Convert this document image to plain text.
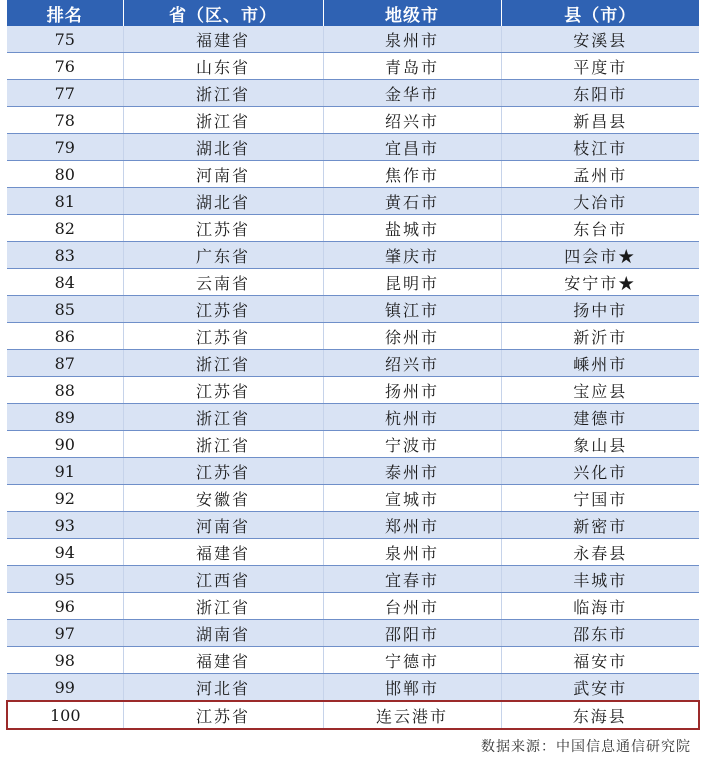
排名	省（区、市）	地级市	县（市）
75	福建省	泉州市	安溪县
76	山东省	青岛市	平度市
77	浙江省	金华市	东阳市
78	浙江省	绍兴市	新昌县
79	湖北省	宜昌市	枝江市
80	河南省	焦作市	孟州市
81	湖北省	黄石市	大冶市
82	江苏省	盐城市	东台市
83	广东省	肇庆市	四会市★
84	云南省	昆明市	安宁市★
85	江苏省	镇江市	扬中市
86	江苏省	徐州市	新沂市
87	浙江省	绍兴市	嵊州市
88	江苏省	扬州市	宝应县
89	浙江省	杭州市	建德市
90	浙江省	宁波市	象山县
91	江苏省	泰州市	兴化市
92	安徽省	宣城市	宁国市
93	河南省	郑州市	新密市
94	福建省	泉州市	永春县
95	江西省	宜春市	丰城市
96	浙江省	台州市	临海市
97	湖南省	邵阳市	邵东市
98	福建省	宁德市	福安市
99	河北省	邯郸市	武安市
100	江苏省	连云港市	东海县
数据来源：中国信息通信研究院
